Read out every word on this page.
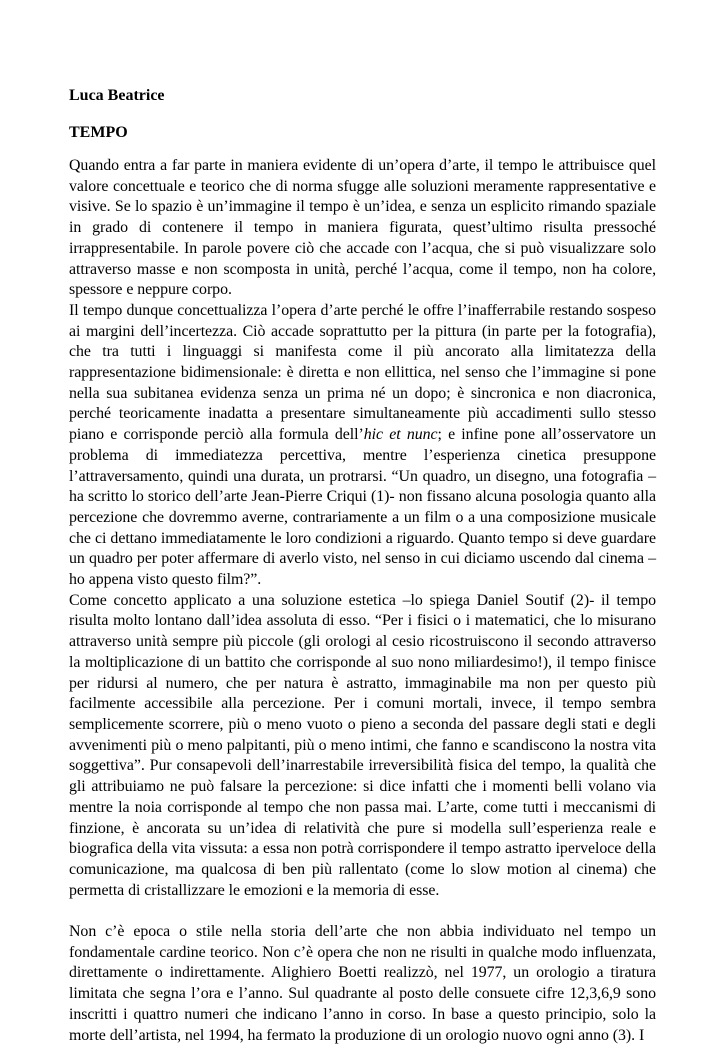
Luca Beatrice

TEMPO

Quando entra a far parte in maniera evidente di un’opera d’arte, il tempo le attribuisce quel valore concettuale e teorico che di norma sfugge alle soluzioni meramente rappresentative e visive. Se lo spazio è un’immagine il tempo è un’idea, e senza un esplicito rimando spaziale in grado di contenere il tempo in maniera figurata, quest’ultimo risulta pressoché irrappresentabile. In parole povere ciò che accade con l’acqua, che si può visualizzare solo attraverso masse e non scomposta in unità, perché l’acqua, come il tempo, non ha colore, spessore e neppure corpo.

Il tempo dunque concettualizza l’opera d’arte perché le offre l’inafferrabile restando sospeso ai margini dell’incertezza. Ciò accade soprattutto per la pittura (in parte per la fotografia), che tra tutti i linguaggi si manifesta come il più ancorato alla limitatezza della rappresentazione bidimensionale: è diretta e non ellittica, nel senso che l’immagine si pone nella sua subitanea evidenza senza un prima né un dopo; è sincronica e non diacronica, perché teoricamente inadatta a presentare simultaneamente più accadimenti sullo stesso piano e corrisponde perciò alla formula dell’hic et nunc; e infine pone all’osservatore un problema di immediatezza percettiva, mentre l’esperienza cinetica presuppone l’attraversamento, quindi una durata, un protrarsi. “Un quadro, un disegno, una fotografia – ha scritto lo storico dell’arte Jean-Pierre Criqui (1)- non fissano alcuna posologia quanto alla percezione che dovremmo averne, contrariamente a un film o a una composizione musicale che ci dettano immediatamente le loro condizioni a riguardo. Quanto tempo si deve guardare un quadro per poter affermare di averlo visto, nel senso in cui diciamo uscendo dal cinema –ho appena visto questo film?”.

Come concetto applicato a una soluzione estetica –lo spiega Daniel Soutif (2)- il tempo risulta molto lontano dall’idea assoluta di esso. “Per i fisici o i matematici, che lo misurano attraverso unità sempre più piccole (gli orologi al cesio ricostruiscono il secondo attraverso la moltiplicazione di un battito che corrisponde al suo nono miliardesimo!), il tempo finisce per ridursi al numero, che per natura è astratto, immaginabile ma non per questo più facilmente accessibile alla percezione. Per i comuni mortali, invece, il tempo sembra semplicemente scorrere, più o meno vuoto o pieno a seconda del passare degli stati e degli avvenimenti più o meno palpitanti, più o meno intimi, che fanno e scandiscono la nostra vita soggettiva”. Pur consapevoli dell’inarrestabile irreversibilità fisica del tempo, la qualità che gli attribuiamo ne può falsare la percezione: si dice infatti che i momenti belli volano via mentre la noia corrisponde al tempo che non passa mai. L’arte, come tutti i meccanismi di finzione, è ancorata su un’idea di relatività che pure si modella sull’esperienza reale e biografica della vita vissuta: a essa non potrà corrispondere il tempo astratto iperveloce della comunicazione, ma qualcosa di ben più rallentato (come lo slow motion al cinema) che permetta di cristallizzare le emozioni e la memoria di esse.

Non c’è epoca o stile nella storia dell’arte che non abbia individuato nel tempo un fondamentale cardine teorico. Non c’è opera che non ne risulti in qualche modo influenzata, direttamente o indirettamente. Alighiero Boetti realizzò, nel 1977, un orologio a tiratura limitata che segna l’ora e l’anno. Sul quadrante al posto delle consuete cifre 12,3,6,9 sono inscritti i quattro numeri che indicano l’anno in corso. In base a questo principio, solo la morte dell’artista, nel 1994, ha fermato la produzione di un orologio nuovo ogni anno (3). I
